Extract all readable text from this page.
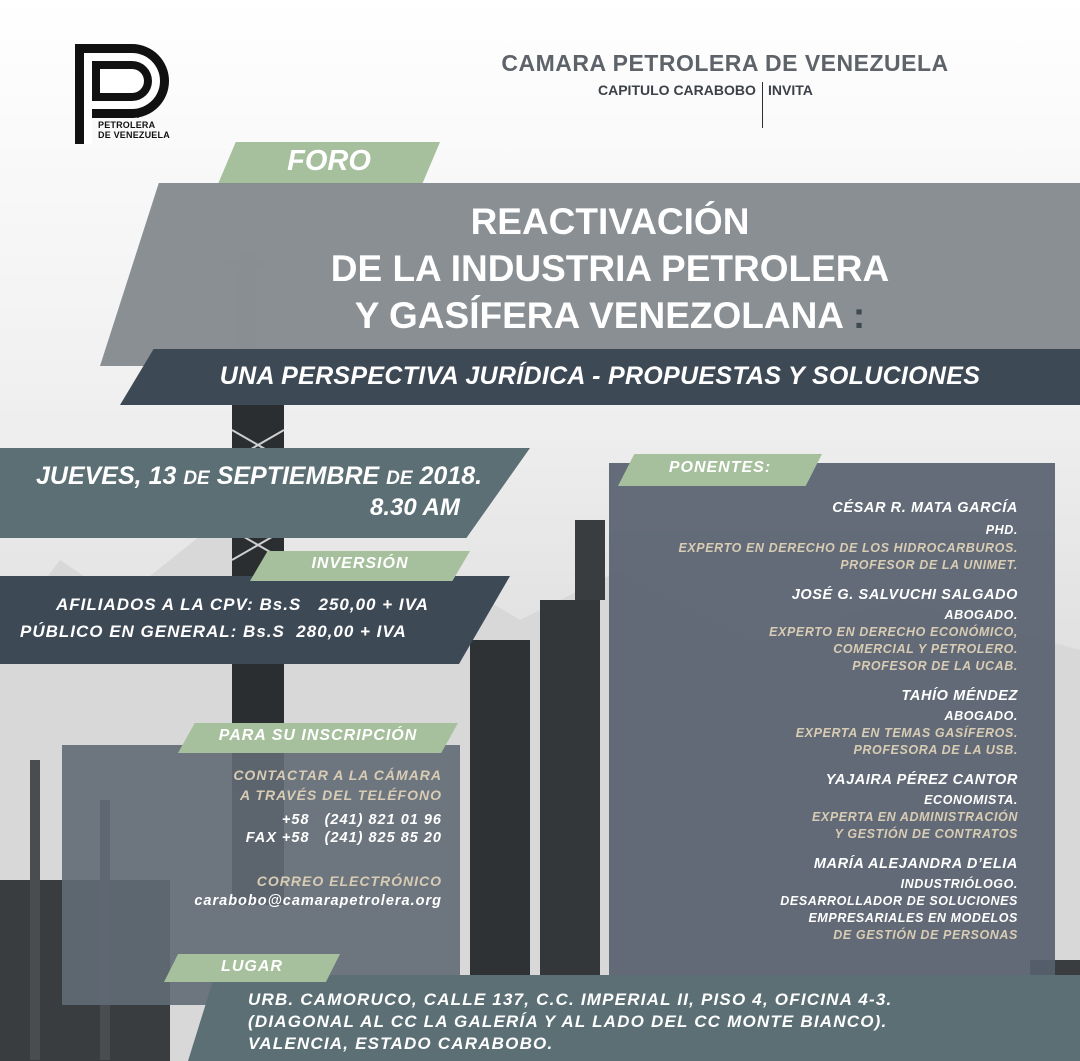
CAMARA
PETROLERA
DE VENEZUELA
CAMARA PETROLERA DE VENEZUELA
CAPITULO CARABOBO INVITA
FORO
REACTIVACIÓN
DE LA INDUSTRIA PETROLERA
Y GASÍFERA VENEZOLANA :
UNA PERSPECTIVA JURÍDICA - PROPUESTAS Y SOLUCIONES
JUEVES, 13 DE SEPTIEMBRE DE 2018.
8.30 AM
INVERSIÓN
AFILIADOS A LA CPV: Bs.S   250,00 + IVA
PÚBLICO EN GENERAL: Bs.S  280,00 + IVA
PARA SU INSCRIPCIÓN
CONTACTAR A LA CÁMARA
A TRAVÉS DEL TELÉFONO
+58   (241) 821 01 96
FAX +58   (241) 825 85 20
CORREO ELECTRÓNICO
carabobo@camarapetrolera.org
PONENTES:
CÉSAR R. MATA GARCÍA
PHD.
EXPERTO EN DERECHO DE LOS HIDROCARBUROS.
PROFESOR DE LA UNIMET.
JOSÉ G. SALVUCHI SALGADO
ABOGADO.
EXPERTO EN DERECHO ECONÓMICO,
COMERCIAL Y PETROLERO.
PROFESOR DE LA UCAB.
TAHÍO MÉNDEZ
ABOGADO.
EXPERTA EN TEMAS GASÍFEROS.
PROFESORA DE LA USB.
YAJAIRA PÉREZ CANTOR
ECONOMISTA.
EXPERTA EN ADMINISTRACIÓN
Y GESTIÓN DE CONTRATOS
MARÍA ALEJANDRA D’ELIA
INDUSTRIÓLOGO.
DESARROLLADOR DE SOLUCIONES
EMPRESARIALES EN MODELOS
DE GESTIÓN DE PERSONAS
LUGAR
URB. CAMORUCO, CALLE 137, C.C. IMPERIAL II, PISO 4, OFICINA 4-3.
(DIAGONAL AL CC LA GALERÍA Y AL LADO DEL CC MONTE BIANCO).
VALENCIA, ESTADO CARABOBO.
